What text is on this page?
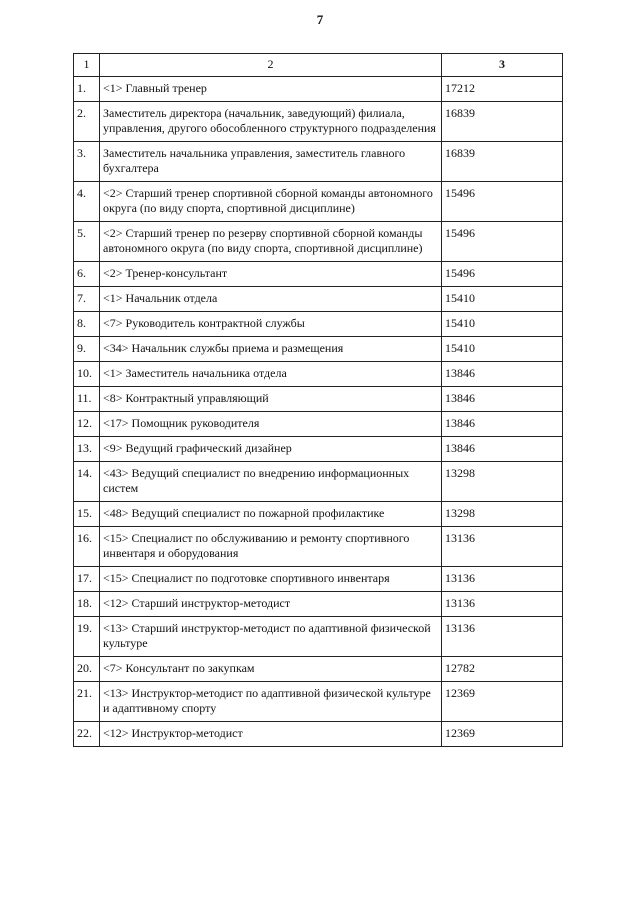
7
1	2	3
1.	<1> Главный тренер	17212
2.	Заместитель директора (начальник, заведующий) филиала, управления, другого обособленного структурного подразделения	16839
3.	Заместитель начальника управления, заместитель главного бухгалтера	16839
4.	<2> Старший тренер спортивной сборной команды автономного округа (по виду спорта, спортивной дисциплине)	15496
5.	<2> Старший тренер по резерву спортивной сборной команды автономного округа (по виду спорта, спортивной дисциплине)	15496
6.	<2> Тренер-консультант	15496
7.	<1> Начальник отдела	15410
8.	<7> Руководитель контрактной службы	15410
9.	<34> Начальник службы приема и размещения	15410
10.	<1> Заместитель начальника отдела	13846
11.	<8> Контрактный управляющий	13846
12.	<17> Помощник руководителя	13846
13.	<9> Ведущий графический дизайнер	13846
14.	<43> Ведущий специалист по внедрению информационных систем	13298
15.	<48> Ведущий специалист по пожарной профилактике	13298
16.	<15> Специалист по обслуживанию и ремонту спортивного инвентаря и оборудования	13136
17.	<15> Специалист по подготовке спортивного инвентаря	13136
18.	<12> Старший инструктор-методист	13136
19.	<13> Старший инструктор-методист по адаптивной физической культуре	13136
20.	<7> Консультант по закупкам	12782
21.	<13> Инструктор-методист по адаптивной физической культуре и адаптивному спорту	12369
22.	<12> Инструктор-методист	12369
